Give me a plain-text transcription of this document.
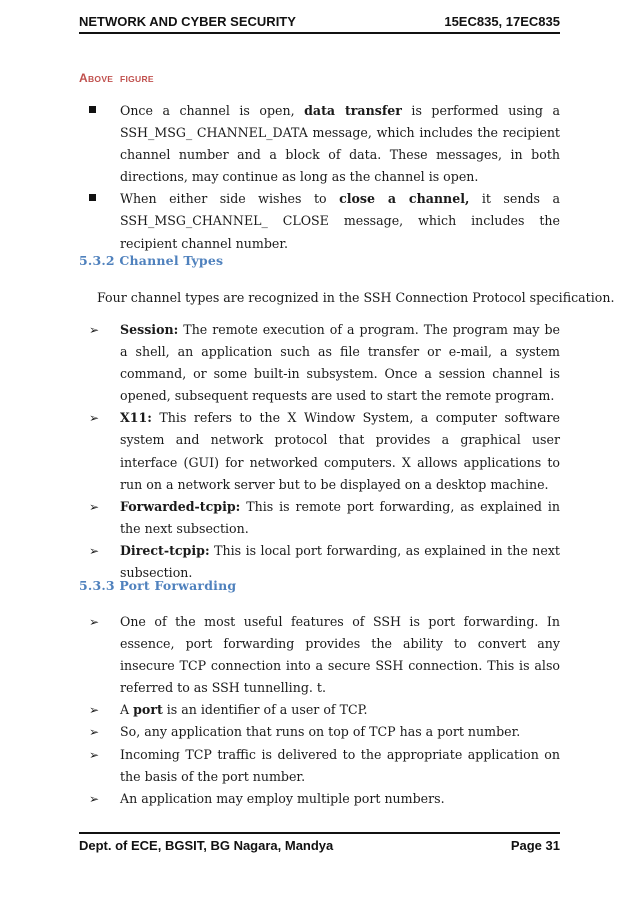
NETWORK AND CYBER SECURITY	15EC835, 17EC835
ABOVE FIGURE
Once a channel is open, data transfer is performed using a SSH_MSG_ CHANNEL_DATA message, which includes the recipient channel number and a block of data. These messages, in both directions, may continue as long as the channel is open.
When either side wishes to close a channel, it sends a SSH_MSG_CHANNEL_ CLOSE message, which includes the recipient channel number.
5.3.2 Channel Types
Four channel types are recognized in the SSH Connection Protocol specification.
➢	Session: The remote execution of a program. The program may be a shell, an application such as file transfer or e-mail, a system command, or some built-in subsystem. Once a session channel is opened, subsequent requests are used to start the remote program.
➢	X11: This refers to the X Window System, a computer software system and network protocol that provides a graphical user interface (GUI) for networked computers. X allows applications to run on a network server but to be displayed on a desktop machine.
➢	Forwarded-tcpip: This is remote port forwarding, as explained in the next subsection.
➢	Direct-tcpip: This is local port forwarding, as explained in the next subsection.
5.3.3 Port Forwarding
➢	One of the most useful features of SSH is port forwarding. In essence, port forwarding provides the ability to convert any insecure TCP connection into a secure SSH connection. This is also referred to as SSH tunnelling. t.
➢	A port is an identifier of a user of TCP.
➢	So, any application that runs on top of TCP has a port number.
➢	Incoming TCP traffic is delivered to the appropriate application on the basis of the port number.
➢	An application may employ multiple port numbers.
Dept. of ECE, BGSIT, BG Nagara, Mandya	Page 31
